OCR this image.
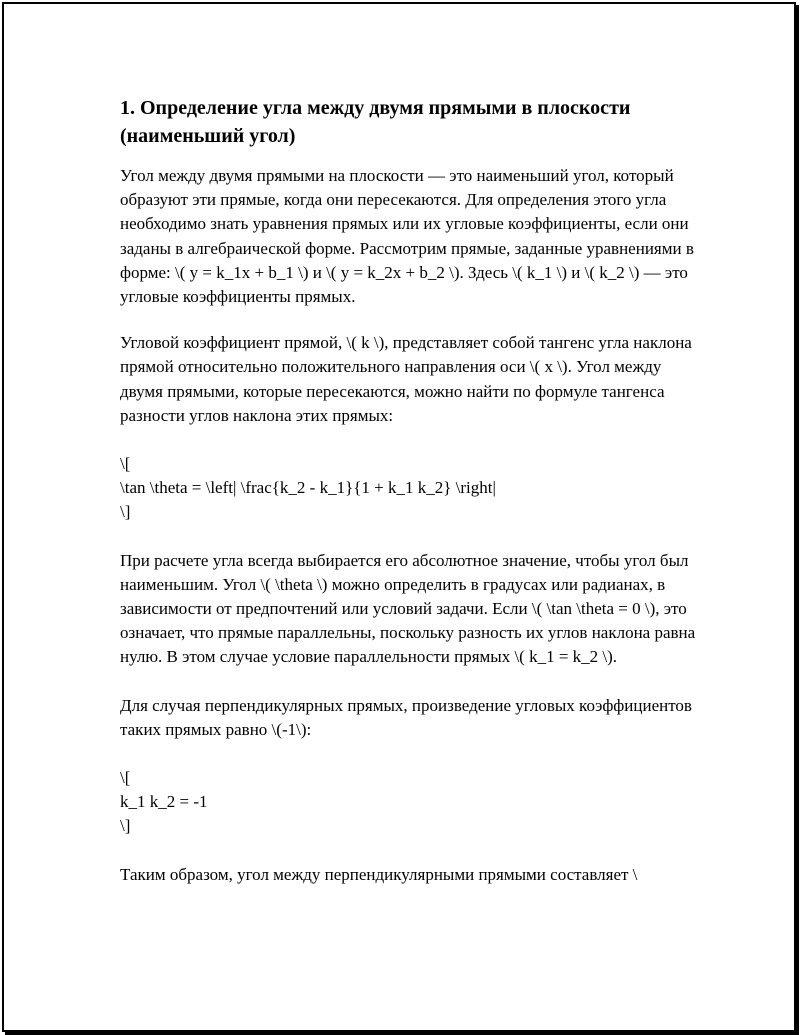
1. Определение угла между двумя прямыми в плоскости (наименьший угол)
Угол между двумя прямыми на плоскости — это наименьший угол, который образуют эти прямые, когда они пересекаются. Для определения этого угла необходимо знать уравнения прямых или их угловые коэффициенты, если они заданы в алгебраической форме. Рассмотрим прямые, заданные уравнениями в форме: \( y = k_1x + b_1 \) и \( y = k_2x + b_2 \). Здесь \( k_1 \) и \( k_2 \) — это угловые коэффициенты прямых.
Угловой коэффициент прямой, \( k \), представляет собой тангенс угла наклона прямой относительно положительного направления оси \( x \). Угол между двумя прямыми, которые пересекаются, можно найти по формуле тангенса разности углов наклона этих прямых:
\[
\tan \theta = \left| \frac{k_2 - k_1}{1 + k_1 k_2} \right|
\]
При расчете угла всегда выбирается его абсолютное значение, чтобы угол был наименьшим. Угол \( \theta \) можно определить в градусах или радианах, в зависимости от предпочтений или условий задачи. Если \( \tan \theta = 0 \), это означает, что прямые параллельны, поскольку разность их углов наклона равна нулю. В этом случае условие параллельности прямых \( k_1 = k_2 \).
Для случая перпендикулярных прямых, произведение угловых коэффициентов таких прямых равно \(-1\):
\[
k_1 k_2 = -1
\]
Таким образом, угол между перпендикулярными прямыми составляет \
